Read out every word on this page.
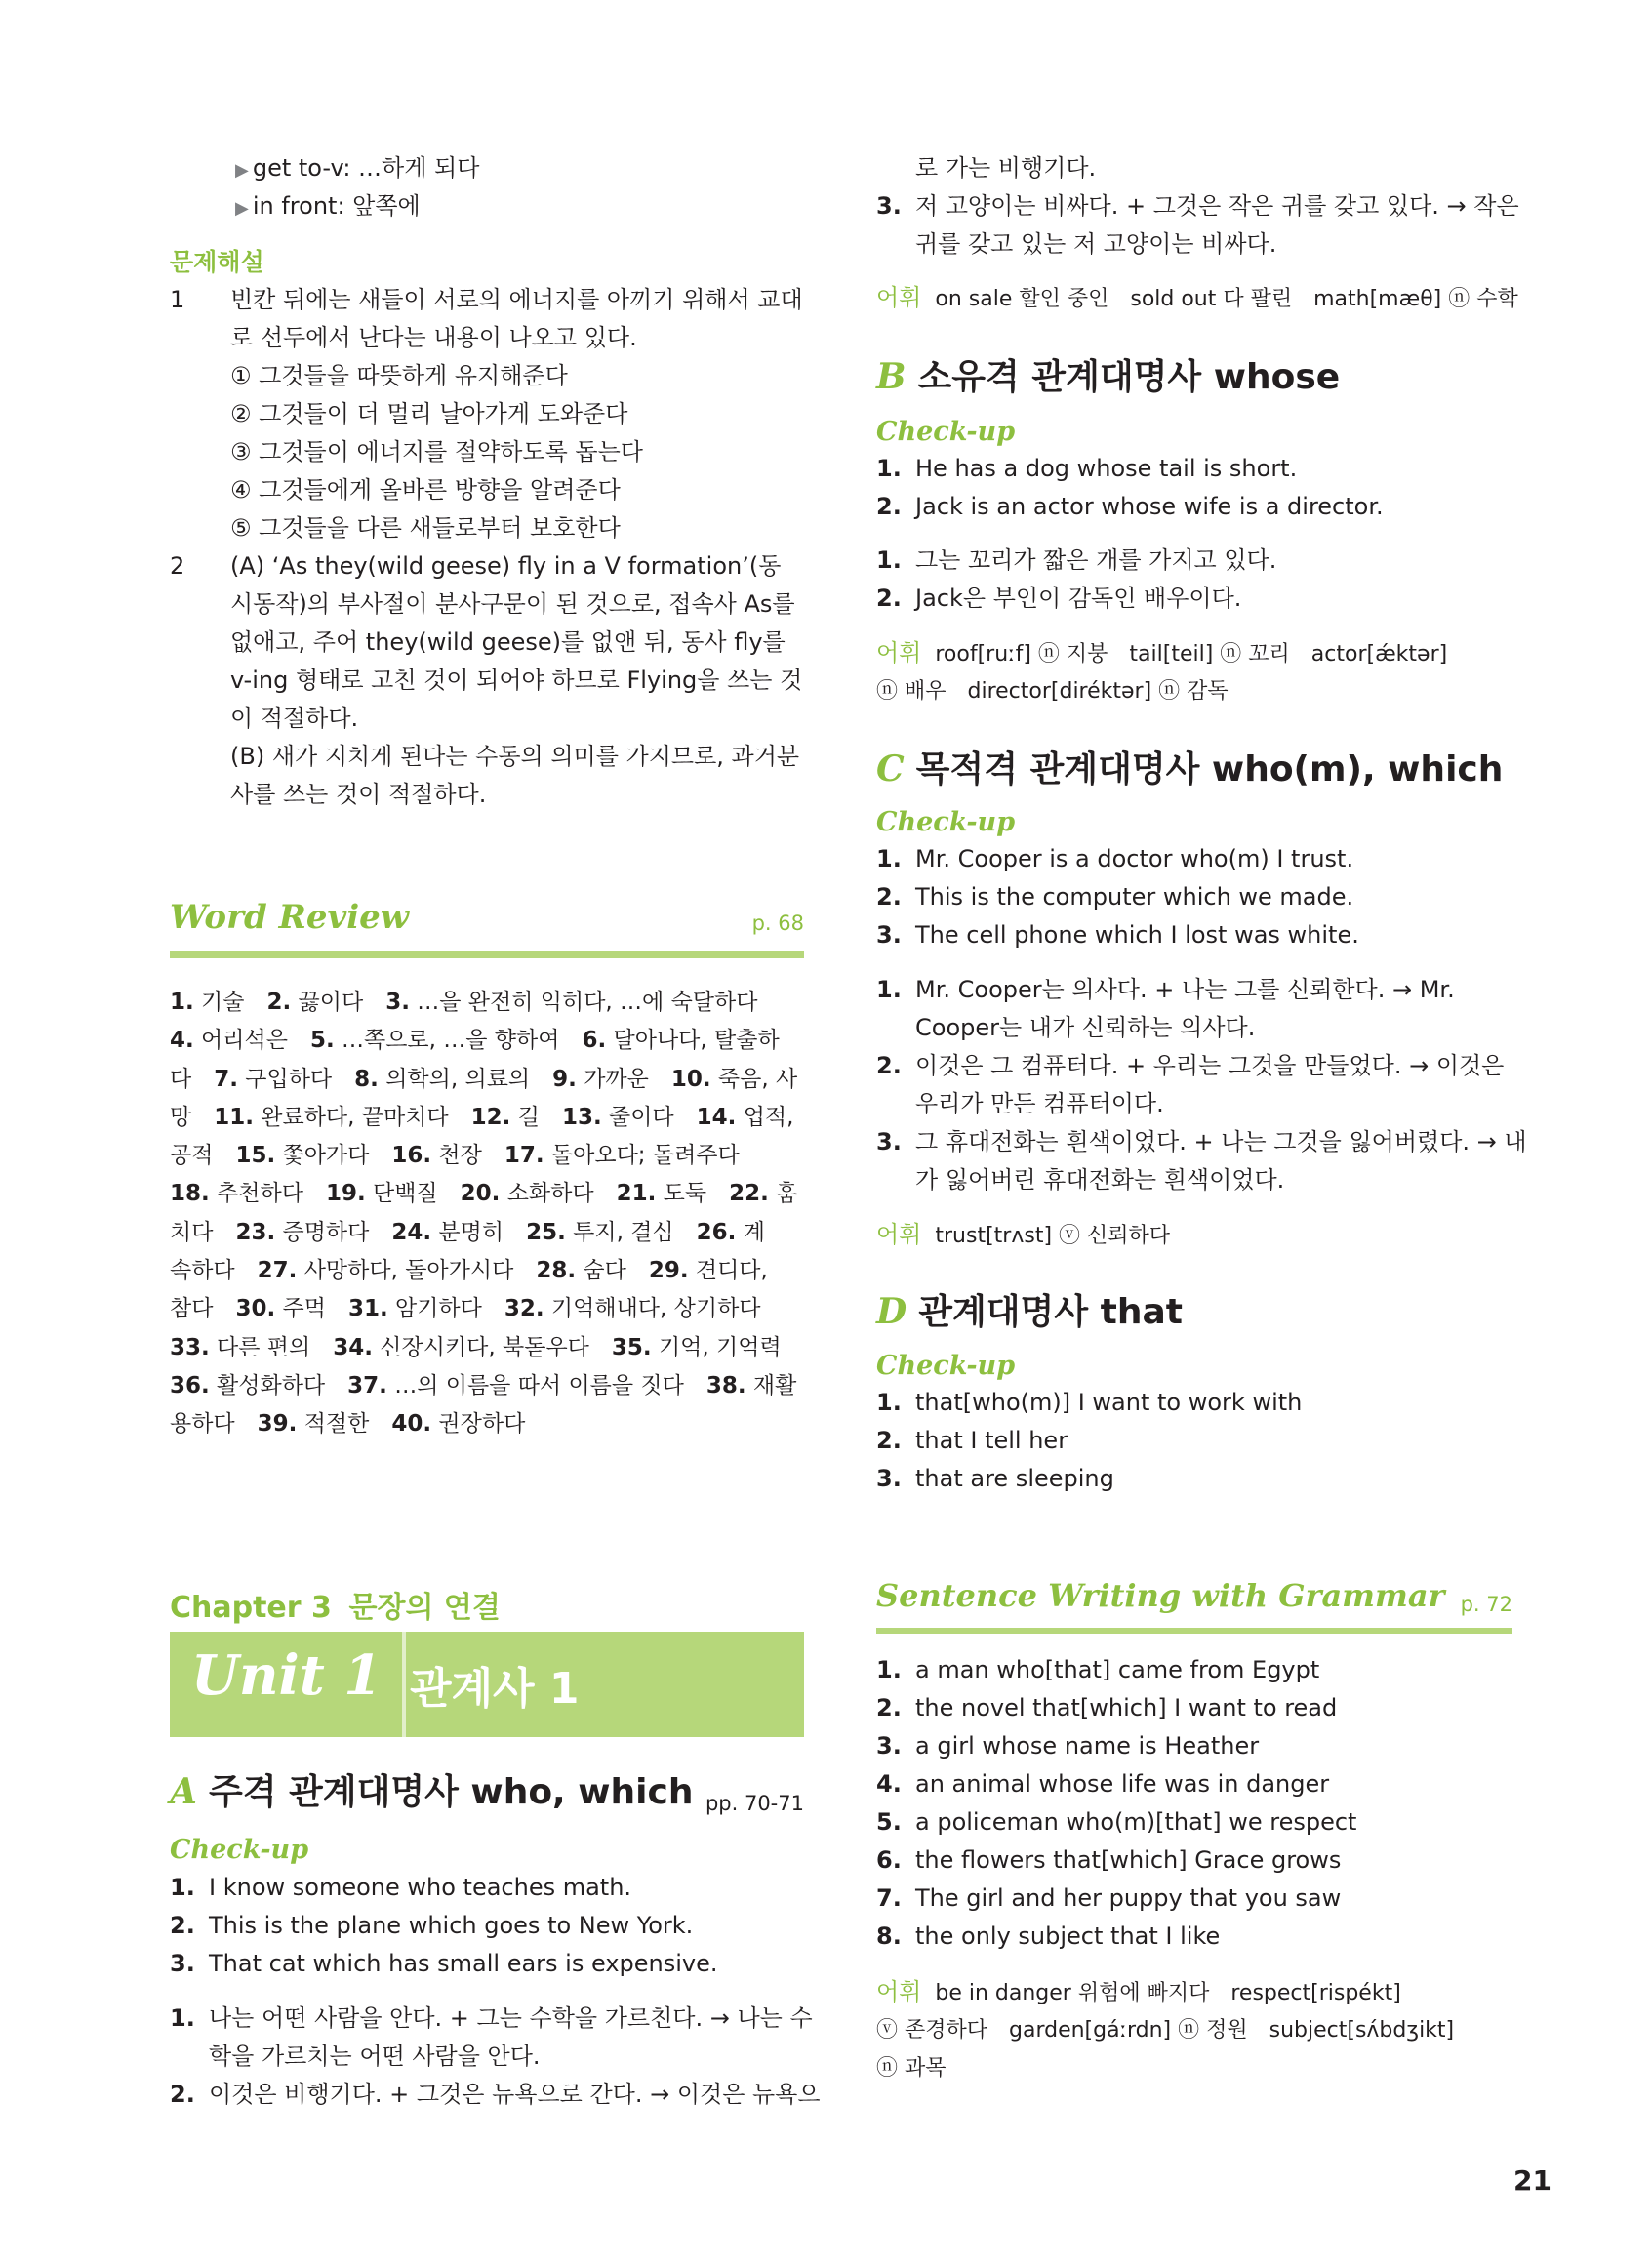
▶ get to-v: …하게 되다
▶ in front: 앞쪽에
문제해설
1 빈칸 뒤에는 새들이 서로의 에너지를 아끼기 위해서 교대
로 선두에서 난다는 내용이 나오고 있다.
① 그것들을 따뜻하게 유지해준다
② 그것들이 더 멀리 날아가게 도와준다
③ 그것들이 에너지를 절약하도록 돕는다
④ 그것들에게 올바른 방향을 알려준다
⑤ 그것들을 다른 새들로부터 보호한다
2 (A) ‘As they(wild geese) fly in a V formation’(동
시동작)의 부사절이 분사구문이 된 것으로, 접속사 As를
없애고, 주어 they(wild geese)를 없앤 뒤, 동사 fly를
v-ing 형태로 고친 것이 되어야 하므로 Flying을 쓰는 것
이 적절하다.
(B) 새가 지치게 된다는 수동의 의미를 가지므로, 과거분
사를 쓰는 것이 적절하다.
Word Review	p. 68
1. 기술　2. 끓이다　3. …을 완전히 익히다, …에 숙달하다
4. 어리석은　5. …쪽으로, …을 향하여　6. 달아나다, 탈출하
다　7. 구입하다　8. 의학의, 의료의　9. 가까운　10. 죽음, 사
망　11. 완료하다, 끝마치다　12. 길　13. 줄이다　14. 업적,
공적　15. 쫓아가다　16. 천장　17. 돌아오다; 돌려주다
18. 추천하다　19. 단백질　20. 소화하다　21. 도둑　22. 훔
치다　23. 증명하다　24. 분명히　25. 투지, 결심　26. 계
속하다　27. 사망하다, 돌아가시다　28. 숨다　29. 견디다,
참다　30. 주먹　31. 암기하다　32. 기억해내다, 상기하다
33. 다른 편의　34. 신장시키다, 북돋우다　35. 기억, 기억력
36. 활성화하다　37. …의 이름을 따서 이름을 짓다　38. 재활
용하다　39. 적절한　40. 권장하다
Chapter 3 문장의 연결
Unit 1 관계사 1
A 주격 관계대명사 who, which pp. 70-71
Check-up
1. I know someone who teaches math.
2. This is the plane which goes to New York.
3. That cat which has small ears is expensive.
1. 나는 어떤 사람을 안다. + 그는 수학을 가르친다. → 나는 수
학을 가르치는 어떤 사람을 안다.
2. 이것은 비행기다. + 그것은 뉴욕으로 간다. → 이것은 뉴욕으
로 가는 비행기다.
3. 저 고양이는 비싸다. + 그것은 작은 귀를 갖고 있다. → 작은
귀를 갖고 있는 저 고양이는 비싸다.
어휘 on sale 할인 중인　sold out 다 팔린　math[mæθ] ⓝ 수학
B 소유격 관계대명사 whose
Check-up
1. He has a dog whose tail is short.
2. Jack is an actor whose wife is a director.
1. 그는 꼬리가 짧은 개를 가지고 있다.
2. Jack은 부인이 감독인 배우이다.
어휘 roof[ruːf] ⓝ 지붕　tail[teil] ⓝ 꼬리　actor[ǽktər]
ⓝ 배우　director[diréktər] ⓝ 감독
C 목적격 관계대명사 who(m), which
Check-up
1. Mr. Cooper is a doctor who(m) I trust.
2. This is the computer which we made.
3. The cell phone which I lost was white.
1. Mr. Cooper는 의사다. + 나는 그를 신뢰한다. → Mr.
Cooper는 내가 신뢰하는 의사다.
2. 이것은 그 컴퓨터다. + 우리는 그것을 만들었다. → 이것은
우리가 만든 컴퓨터이다.
3. 그 휴대전화는 흰색이었다. + 나는 그것을 잃어버렸다. → 내
가 잃어버린 휴대전화는 흰색이었다.
어휘 trust[trʌst] ⓥ 신뢰하다
D 관계대명사 that
Check-up
1. that[who(m)] I want to work with
2. that I tell her
3. that are sleeping
Sentence Writing with Grammar p. 72
1. a man who[that] came from Egypt
2. the novel that[which] I want to read
3. a girl whose name is Heather
4. an animal whose life was in danger
5. a policeman who(m)[that] we respect
6. the flowers that[which] Grace grows
7. The girl and her puppy that you saw
8. the only subject that I like
어휘 be in danger 위험에 빠지다　respect[rispékt]
ⓥ 존경하다　garden[gáːrdn] ⓝ 정원　subject[sʌ́bdʒikt]
ⓝ 과목
21
